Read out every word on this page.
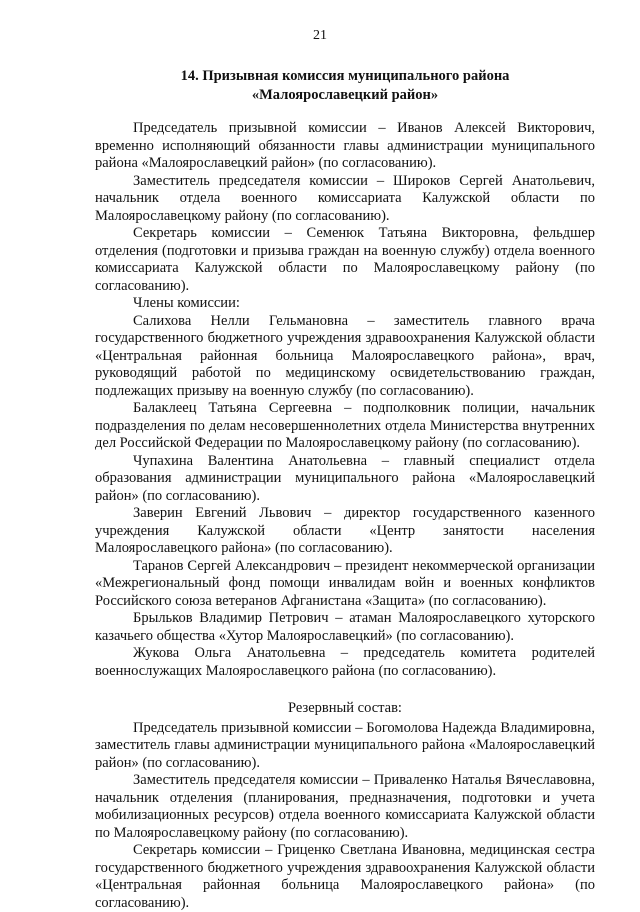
21
14. Призывная комиссия муниципального района
«Малоярославецкий район»
Председатель призывной комиссии – Иванов Алексей Викторович, временно исполняющий обязанности главы администрации муниципального района «Малоярославецкий район» (по согласованию).
Заместитель председателя комиссии – Широков Сергей Анатольевич, начальник отдела военного комиссариата Калужской области по Малоярославецкому району (по согласованию).
Секретарь комиссии – Семенюк Татьяна Викторовна, фельдшер отделения (подготовки и призыва граждан на военную службу) отдела военного комиссариата Калужской области по Малоярославецкому району (по согласованию).
Члены комиссии:
Салихова Нелли Гельмановна – заместитель главного врача государственного бюджетного учреждения здравоохранения Калужской области «Центральная районная больница Малоярославецкого района», врач, руководящий работой по медицинскому освидетельствованию граждан, подлежащих призыву на военную службу (по согласованию).
Балаклеец Татьяна Сергеевна – подполковник полиции, начальник подразделения по делам несовершеннолетних отдела Министерства внутренних дел Российской Федерации по Малоярославецкому району (по согласованию).
Чупахина Валентина Анатольевна – главный специалист отдела образования администрации муниципального района «Малоярославецкий район» (по согласованию).
Заверин Евгений Львович – директор государственного казенного учреждения Калужской области «Центр занятости населения Малоярославецкого района» (по согласованию).
Таранов Сергей Александрович – президент некоммерческой организации «Межрегиональный фонд помощи инвалидам войн и военных конфликтов Российского союза ветеранов Афганистана «Защита» (по согласованию).
Брыльков Владимир Петрович – атаман Малоярославецкого хуторского казачьего общества «Хутор Малоярославецкий» (по согласованию).
Жукова Ольга Анатольевна – председатель комитета родителей военнослужащих Малоярославецкого района (по согласованию).
Резервный состав:
Председатель призывной комиссии – Богомолова Надежда Владимировна, заместитель главы администрации муниципального района «Малоярославецкий район» (по согласованию).
Заместитель председателя комиссии – Приваленко Наталья Вячеславовна, начальник отделения (планирования, предназначения, подготовки и учета мобилизационных ресурсов) отдела военного комиссариата Калужской области по Малоярославецкому району (по согласованию).
Секретарь комиссии – Гриценко Светлана Ивановна, медицинская сестра государственного бюджетного учреждения здравоохранения Калужской области «Центральная районная больница Малоярославецкого района» (по согласованию).
